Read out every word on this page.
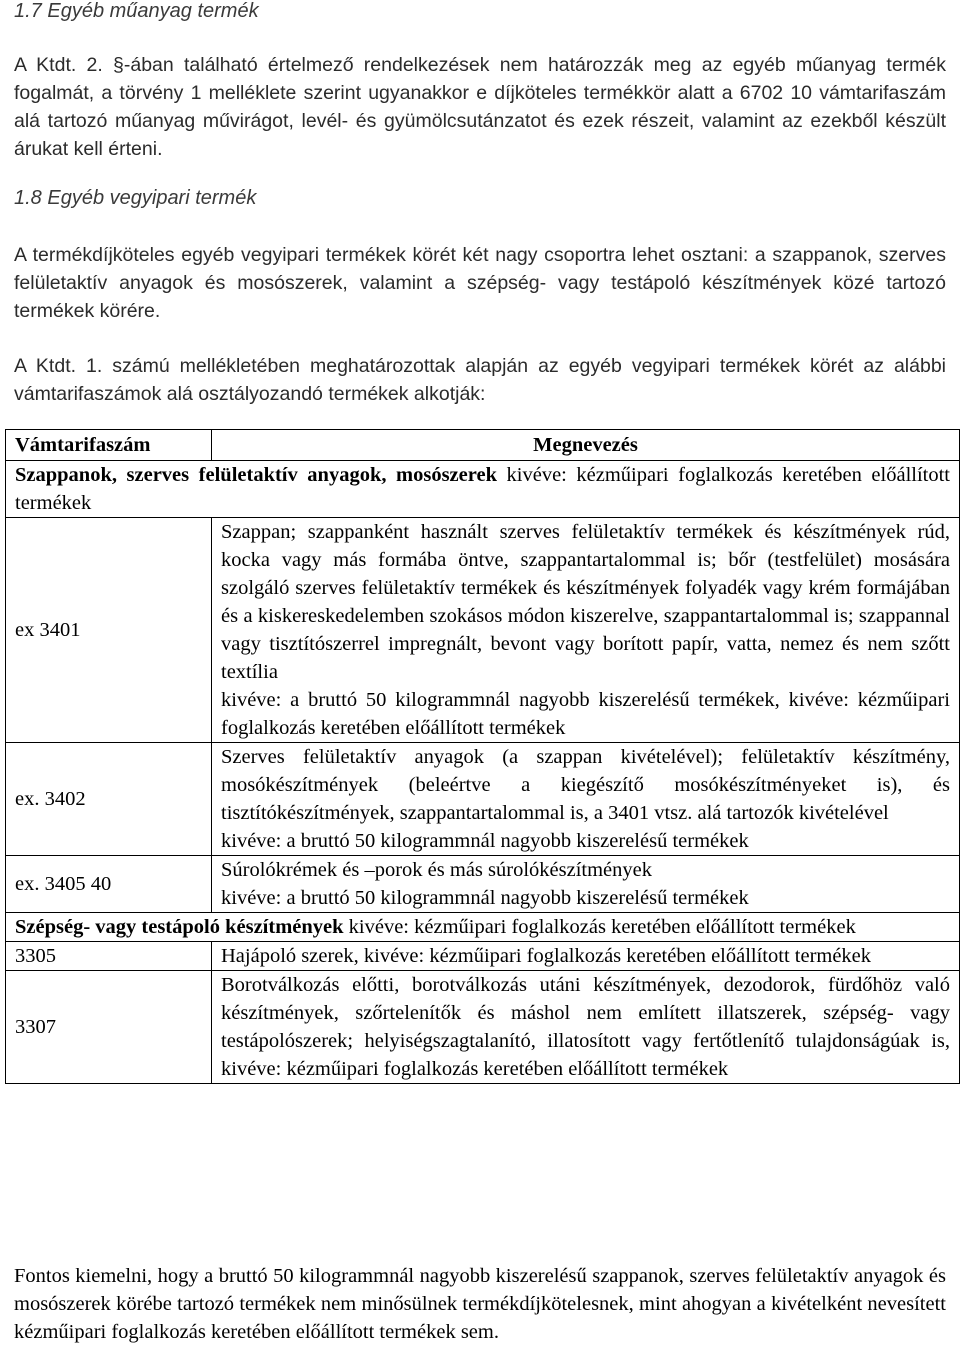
1.7 Egyéb műanyag termék
A Ktdt. 2. §-ában található értelmező rendelkezések nem határozzák meg az egyéb műanyag termék fogalmát, a törvény 1 melléklete szerint ugyanakkor e díjköteles termékkör alatt a 6702 10 vámtarifaszám alá tartozó műanyag művirágot, levél- és gyümölcsutánzatot és ezek részeit, valamint az ezekből készült árukat kell érteni.
1.8 Egyéb vegyipari termék
A termékdíjköteles egyéb vegyipari termékek körét két nagy csoportra lehet osztani: a szappanok, szerves felületaktív anyagok és mosószerek, valamint a szépség- vagy testápoló készítmények közé tartozó termékek körére.
A Ktdt. 1. számú mellékletében meghatározottak alapján az egyéb vegyipari termékek körét az alábbi vámtarifaszámok alá osztályozandó termékek alkotják:
Vámtarifaszám	Megnevezés
Szappanok, szerves felületaktív anyagok, mosószerek kivéve: kézműipari foglalkozás keretében előállított termékek	
ex 3401	Szappan; szappanként használt szerves felületaktív termékek és készítmények rúd, kocka vagy más formába öntve, szappantartalommal is; bőr (testfelület) mosására szolgáló szerves felületaktív termékek és készítmények folyadék vagy krém formájában és a kiskereskedelemben szokásos módon kiszerelve, szappantartalommal is; szappannal vagy tisztítószerrel impregnált, bevont vagy borított papír, vatta, nemez és nem szőtt textília
kivéve: a bruttó 50 kilogrammnál nagyobb kiszerelésű termékek, kivéve: kézműipari foglalkozás keretében előállított termékek

ex. 3402	Szerves felületaktív anyagok (a szappan kivételével); felületaktív készítmény, mosókészítmények (beleértve a kiegészítő mosókészítményeket is), és tisztítókészítmények, szappantartalommal is, a 3401 vtsz. alá tartozók kivételével
kivéve: a bruttó 50 kilogrammnál nagyobb kiszerelésű termékek

ex. 3405 40	Súrolókrémek és –porok és más súrolókészítmények
kivéve: a bruttó 50 kilogrammnál nagyobb kiszerelésű termékek

Szépség- vagy testápoló készítmények kivéve: kézműipari foglalkozás keretében előállított termékek	
3305	Hajápoló szerek, kivéve: kézműipari foglalkozás keretében előállított termékek

3307	Borotválkozás előtti, borotválkozás utáni készítmények, dezodorok, fürdőhöz való készítmények, szőrtelenítők és máshol nem említett illatszerek, szépség- vagy testápolószerek; helyiségszagtalanító, illatosított vagy fertőtlenítő tulajdonságúak is, kivéve: kézműipari foglalkozás keretében előállított termékek
Fontos kiemelni, hogy a bruttó 50 kilogrammnál nagyobb kiszerelésű szappanok, szerves felületaktív anyagok és mosószerek körébe tartozó termékek nem minősülnek termékdíjkötelesnek, mint ahogyan a kivételként nevesített kézműipari foglalkozás keretében előállított termékek sem.
